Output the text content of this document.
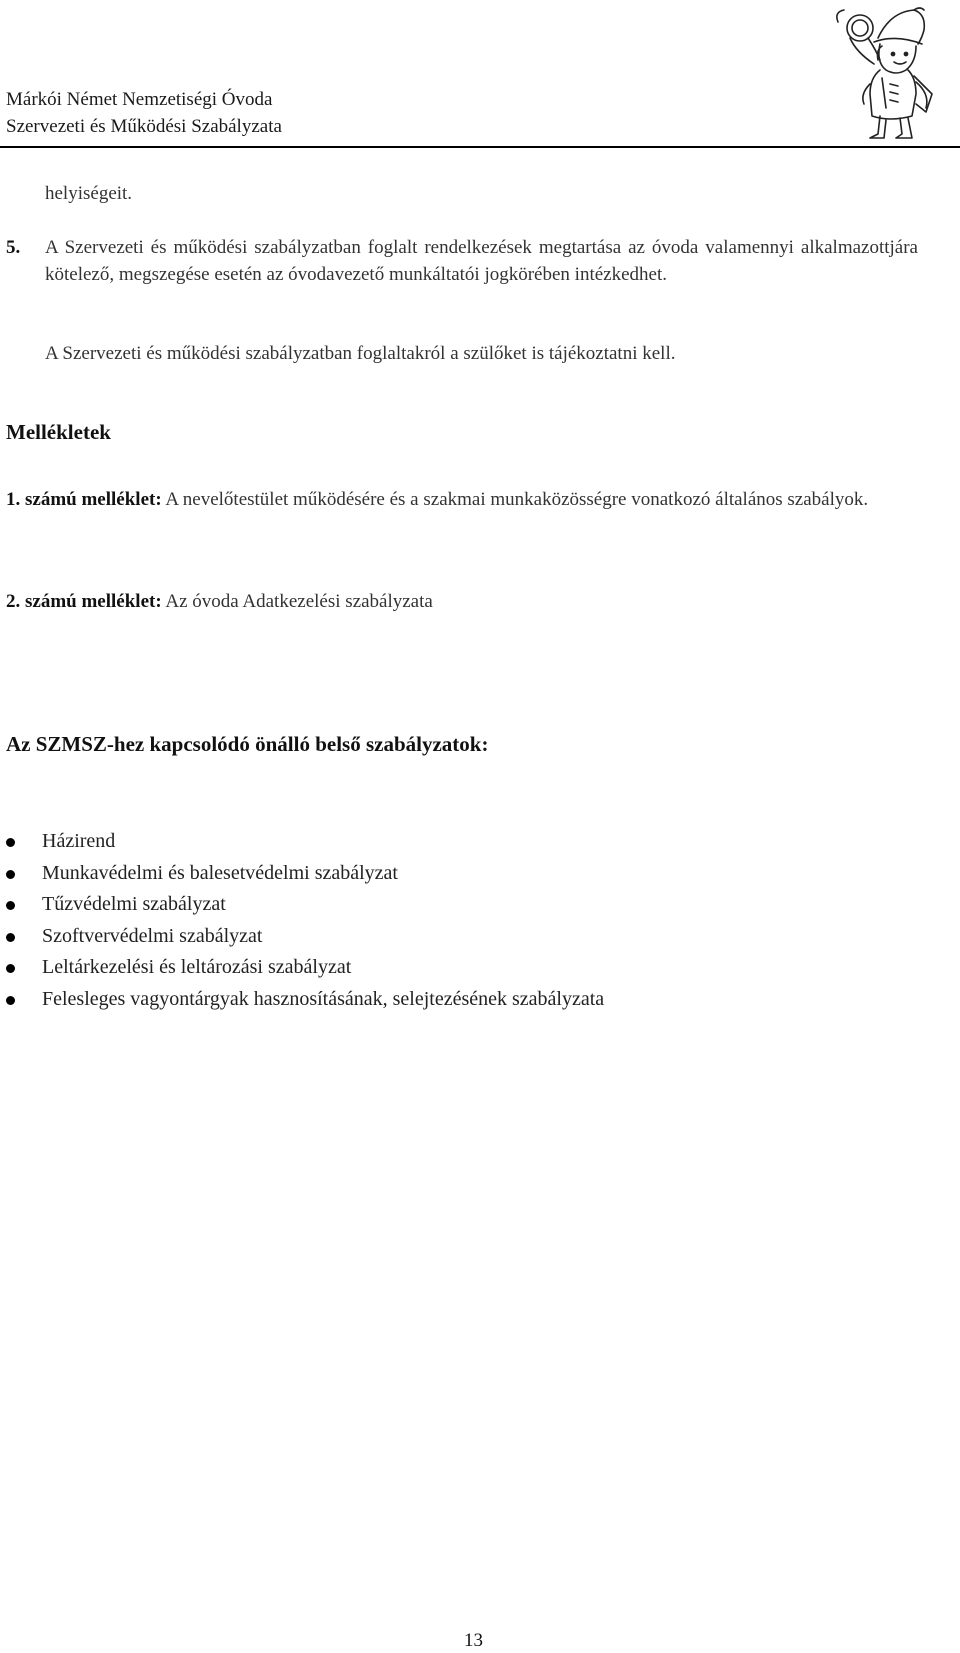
Márkói Német Nemzetiségi Óvoda
Szervezeti és Működési Szabályzata
helyiségeit.
5. A Szervezeti és működési szabályzatban foglalt rendelkezések megtartása az óvoda valamennyi alkalmazottjára kötelező, megszegése esetén az óvodavezető munkáltatói jogkörében intézkedhet.
A Szervezeti és működési szabályzatban foglaltakról a szülőket is tájékoztatni kell.
Mellékletek
1. számú melléklet: A nevelőtestület működésére és a szakmai munkaközösségre vonatkozó általános szabályok.
2. számú melléklet: Az óvoda Adatkezelési szabályzata
Az SZMSZ-hez kapcsolódó önálló belső szabályzatok:
Házirend
Munkavédelmi és balesetvédelmi szabályzat
Tűzvédelmi szabályzat
Szoftvervédelmi szabályzat
Leltárkezelési és leltározási szabályzat
Felesleges vagyontárgyak hasznosításának, selejtezésének szabályzata
13
